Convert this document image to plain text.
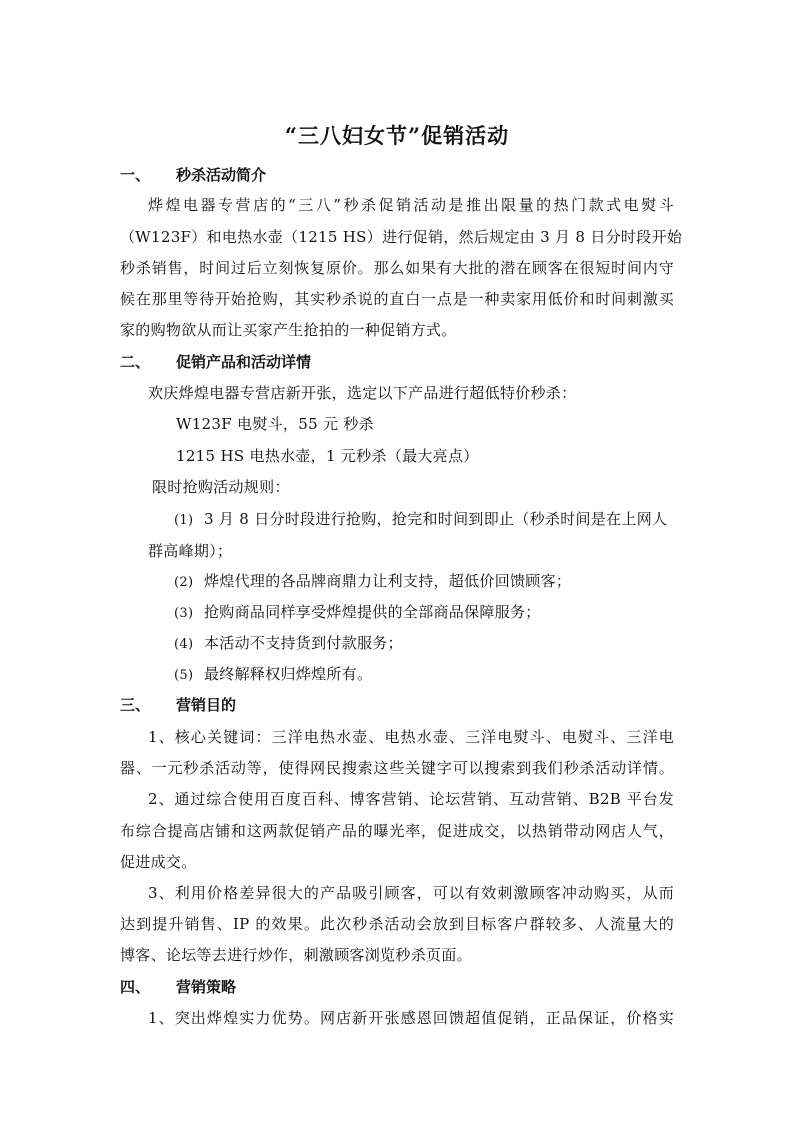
“三八妇女节”促销活动
一、 秒杀活动简介
烨煌电器专营店的“三八”秒杀促销活动是推出限量的热门款式电熨斗
（W123F）和电热水壶（1215 HS）进行促销，然后规定由 3 月 8 日分时段开始
秒杀销售，时间过后立刻恢复原价。那么如果有大批的潜在顾客在很短时间内守
候在那里等待开始抢购，其实秒杀说的直白一点是一种卖家用低价和时间刺激买
家的购物欲从而让买家产生抢拍的一种促销方式。
二、 促销产品和活动详情
欢庆烨煌电器专营店新开张，选定以下产品进行超低特价秒杀：
W123F 电熨斗，55 元 秒杀
1215 HS 电热水壶，1 元秒杀（最大亮点）
限时抢购活动规则：
(1) 3 月 8 日分时段进行抢购，抢完和时间到即止（秒杀时间是在上网人
群高峰期）；
(2) 烨煌代理的各品牌商鼎力让利支持，超低价回馈顾客；
(3) 抢购商品同样享受烨煌提供的全部商品保障服务；
(4) 本活动不支持货到付款服务；
(5) 最终解释权归烨煌所有。
三、 营销目的
1、核心关键词：三洋电热水壶、电热水壶、三洋电熨斗、电熨斗、三洋电
器、一元秒杀活动等，使得网民搜索这些关键字可以搜索到我们秒杀活动详情。
2、通过综合使用百度百科、博客营销、论坛营销、互动营销、B2B 平台发
布综合提高店铺和这两款促销产品的曝光率，促进成交，以热销带动网店人气，
促进成交。
3、利用价格差异很大的产品吸引顾客，可以有效刺激顾客冲动购买，从而
达到提升销售、IP 的效果。此次秒杀活动会放到目标客户群较多、人流量大的
博客、论坛等去进行炒作，刺激顾客浏览秒杀页面。
四、 营销策略
1、突出烨煌实力优势。网店新开张感恩回馈超值促销，正品保证，价格实
